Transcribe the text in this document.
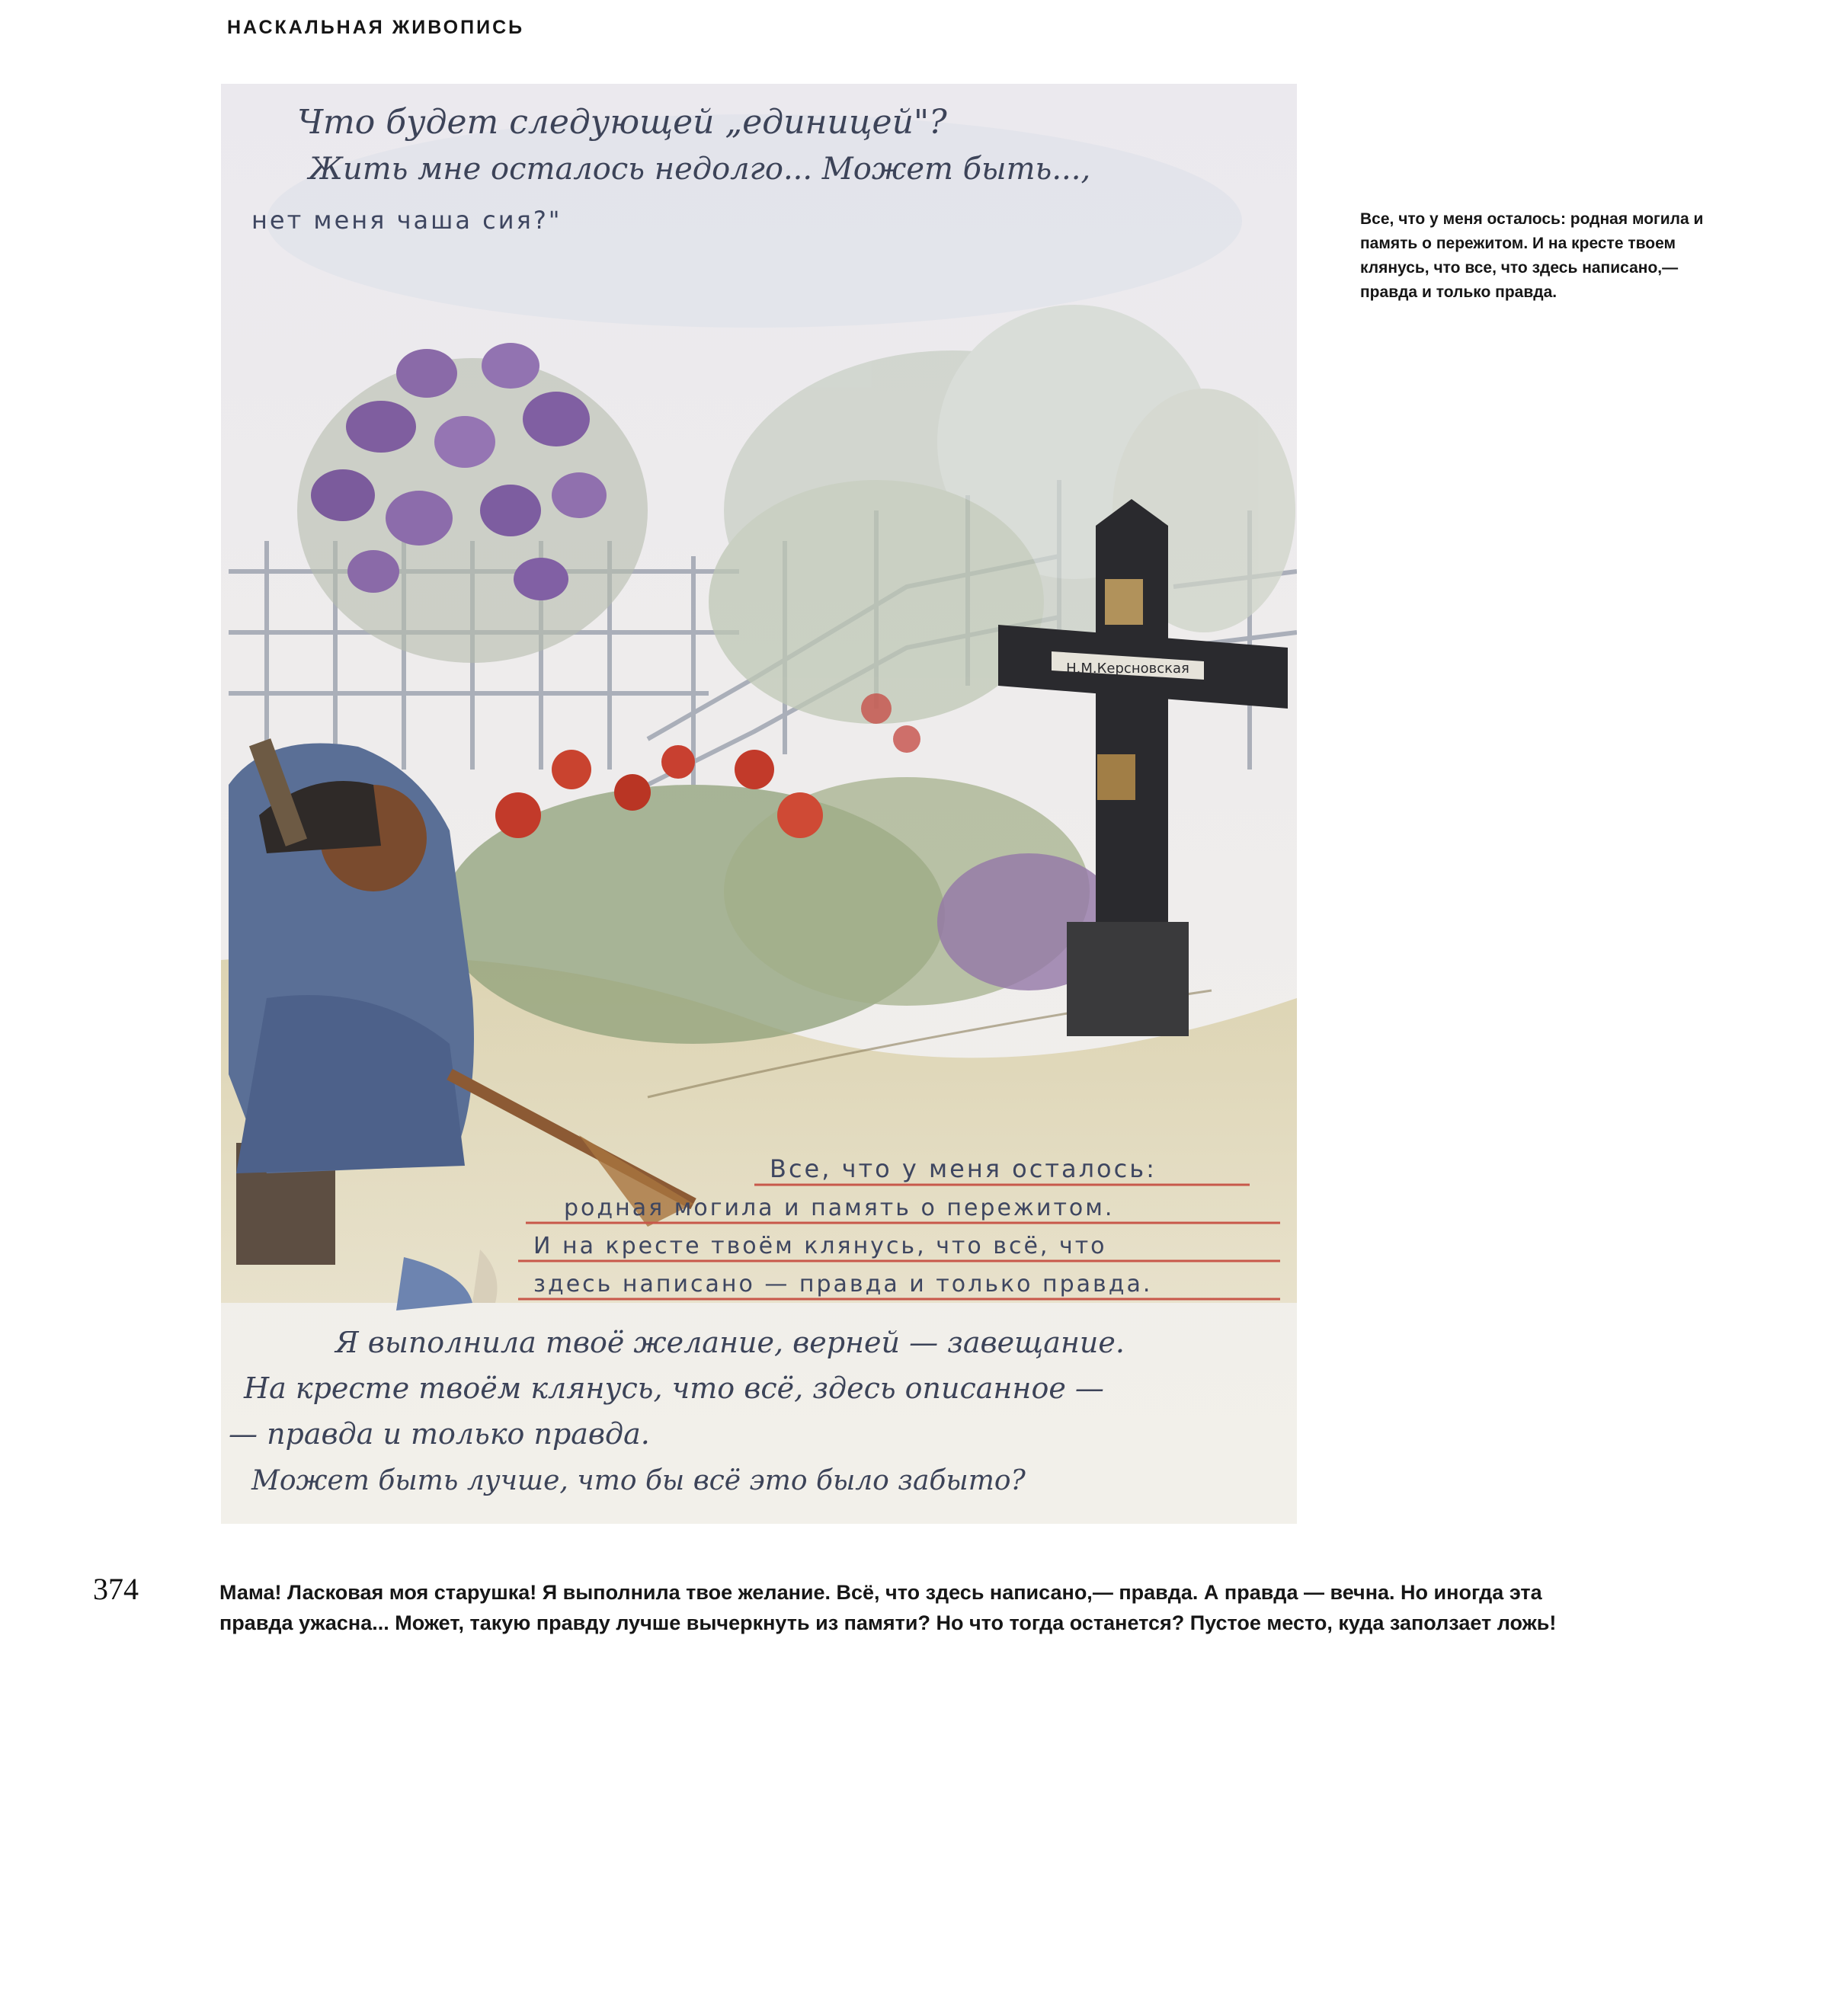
НАСКАЛЬНАЯ ЖИВОПИСЬ
Н.М.Керсновская
Что будет следующей „единицей"?
Жить мне осталось недолго... Может быть...,
нет меня чаша сия?"
Все, что у меня осталось:
родная могила и память о пережитом.
И на кресте твоём клянусь, что всё, что
здесь написано — правда и только правда.
Я выполнила твоё желание, верней — завещание.
На кресте твоём клянусь, что всё, здесь описанное —
— правда и только правда.
Может быть лучше, что бы всё это было забыто?
Все, что у меня осталось: родная могила и память о пережитом. И на кресте твоем клянусь, что все, что здесь написано,— правда и только правда.
374	Мама! Ласковая моя старушка! Я выполнила твое желание. Всё, что здесь написано,— правда. А правда — вечна. Но иногда эта правда ужасна... Может, такую правду лучше вычеркнуть из памяти? Но что тогда останется? Пустое место, куда заползает ложь!
